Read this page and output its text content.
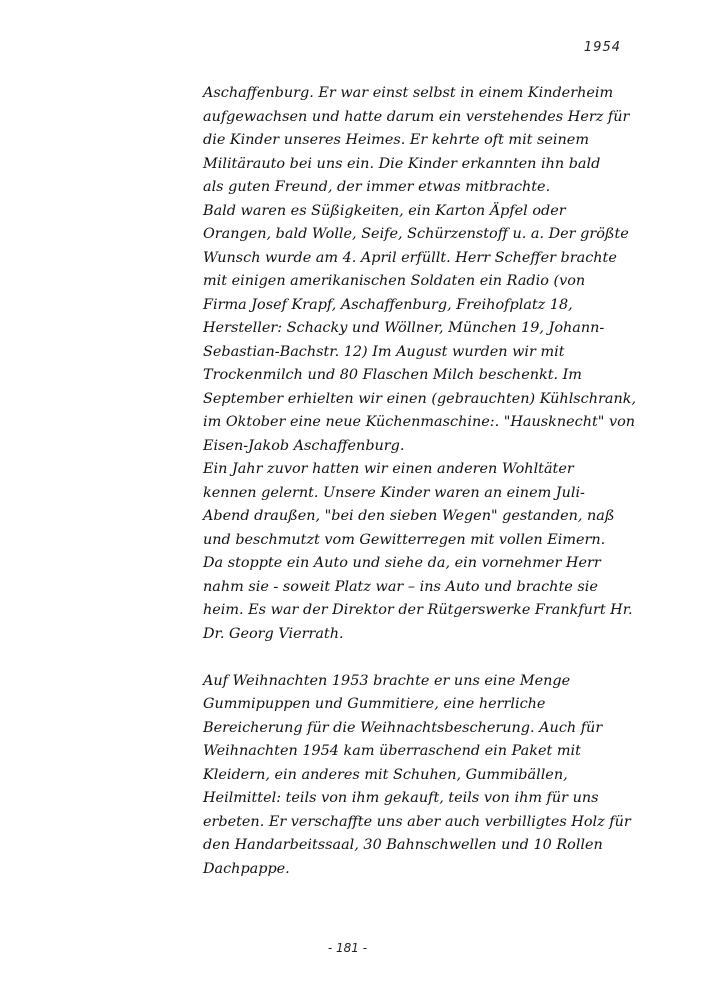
1954
Aschaffenburg. Er war einst selbst in einem Kinderheim
aufgewachsen und hatte darum ein verstehendes Herz für
die Kinder unseres Heimes. Er kehrte oft mit seinem
Militärauto bei uns ein. Die Kinder erkannten ihn bald
als guten Freund, der immer etwas mitbrachte.
Bald waren es Süßigkeiten, ein Karton Äpfel oder
Orangen, bald Wolle, Seife, Schürzenstoff u. a. Der größte
Wunsch wurde am 4. April erfüllt. Herr Scheffer brachte
mit einigen amerikanischen Soldaten ein Radio (von
Firma Josef Krapf, Aschaffenburg, Freihofplatz 18,
Hersteller: Schacky und Wöllner, München 19, Johann-
Sebastian-Bachstr. 12) Im August wurden wir mit
Trockenmilch und 80 Flaschen Milch beschenkt. Im
September erhielten wir einen (gebrauchten) Kühlschrank,
im Oktober eine neue Küchenmaschine:. "Hausknecht" von
Eisen-Jakob Aschaffenburg.
Ein Jahr zuvor hatten wir einen anderen Wohltäter
kennen gelernt. Unsere Kinder waren an einem Juli-
Abend draußen, "bei den sieben Wegen" gestanden, naß
und beschmutzt vom Gewitterregen mit vollen Eimern.
Da stoppte ein Auto und siehe da, ein vornehmer Herr
nahm sie - soweit Platz war – ins Auto und brachte sie
heim. Es war der Direktor der Rütgerswerke Frankfurt Hr.
Dr. Georg Vierrath.
Auf Weihnachten 1953 brachte er uns eine Menge
Gummipuppen und Gummitiere, eine herrliche
Bereicherung für die Weihnachtsbescherung. Auch für
Weihnachten 1954 kam überraschend ein Paket mit
Kleidern, ein anderes mit Schuhen, Gummibällen,
Heilmittel: teils von ihm gekauft, teils von ihm für uns
erbeten. Er verschaffte uns aber auch verbilligtes Holz für
den Handarbeitssaal, 30 Bahnschwellen und 10 Rollen
Dachpappe.
- 181 -
